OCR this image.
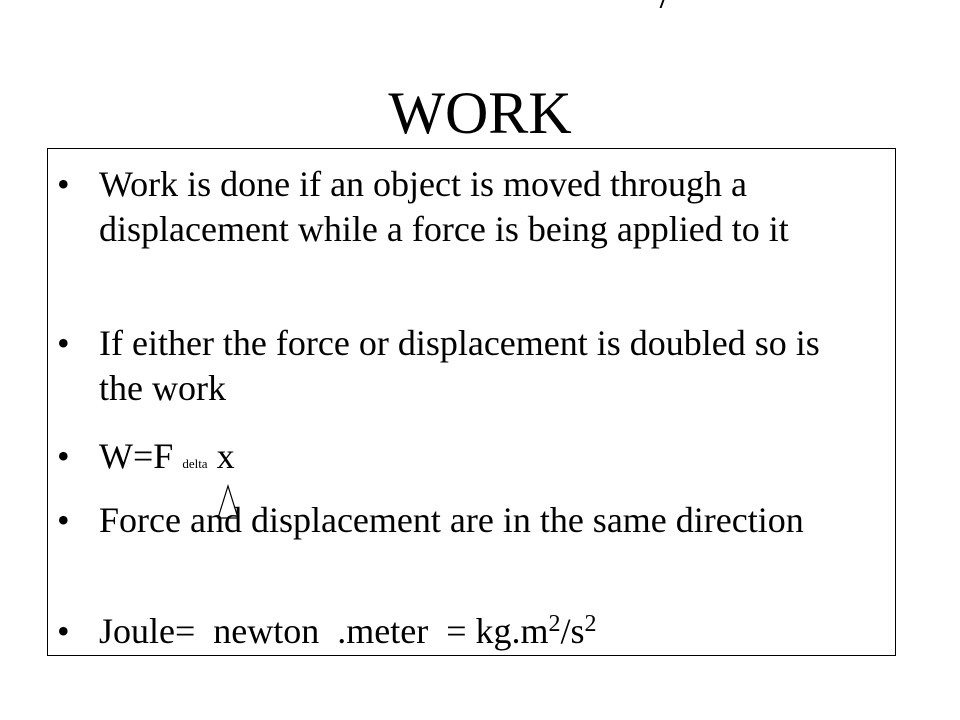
WORK
• Work is done if an object is moved through a displacement while a force is being applied to it
• If either the force or displacement is doubled so is the work
• W=F delta x
• Force and displacement are in the same direction
• Joule=  newton  .meter  = $kg.m^2/s^2$
